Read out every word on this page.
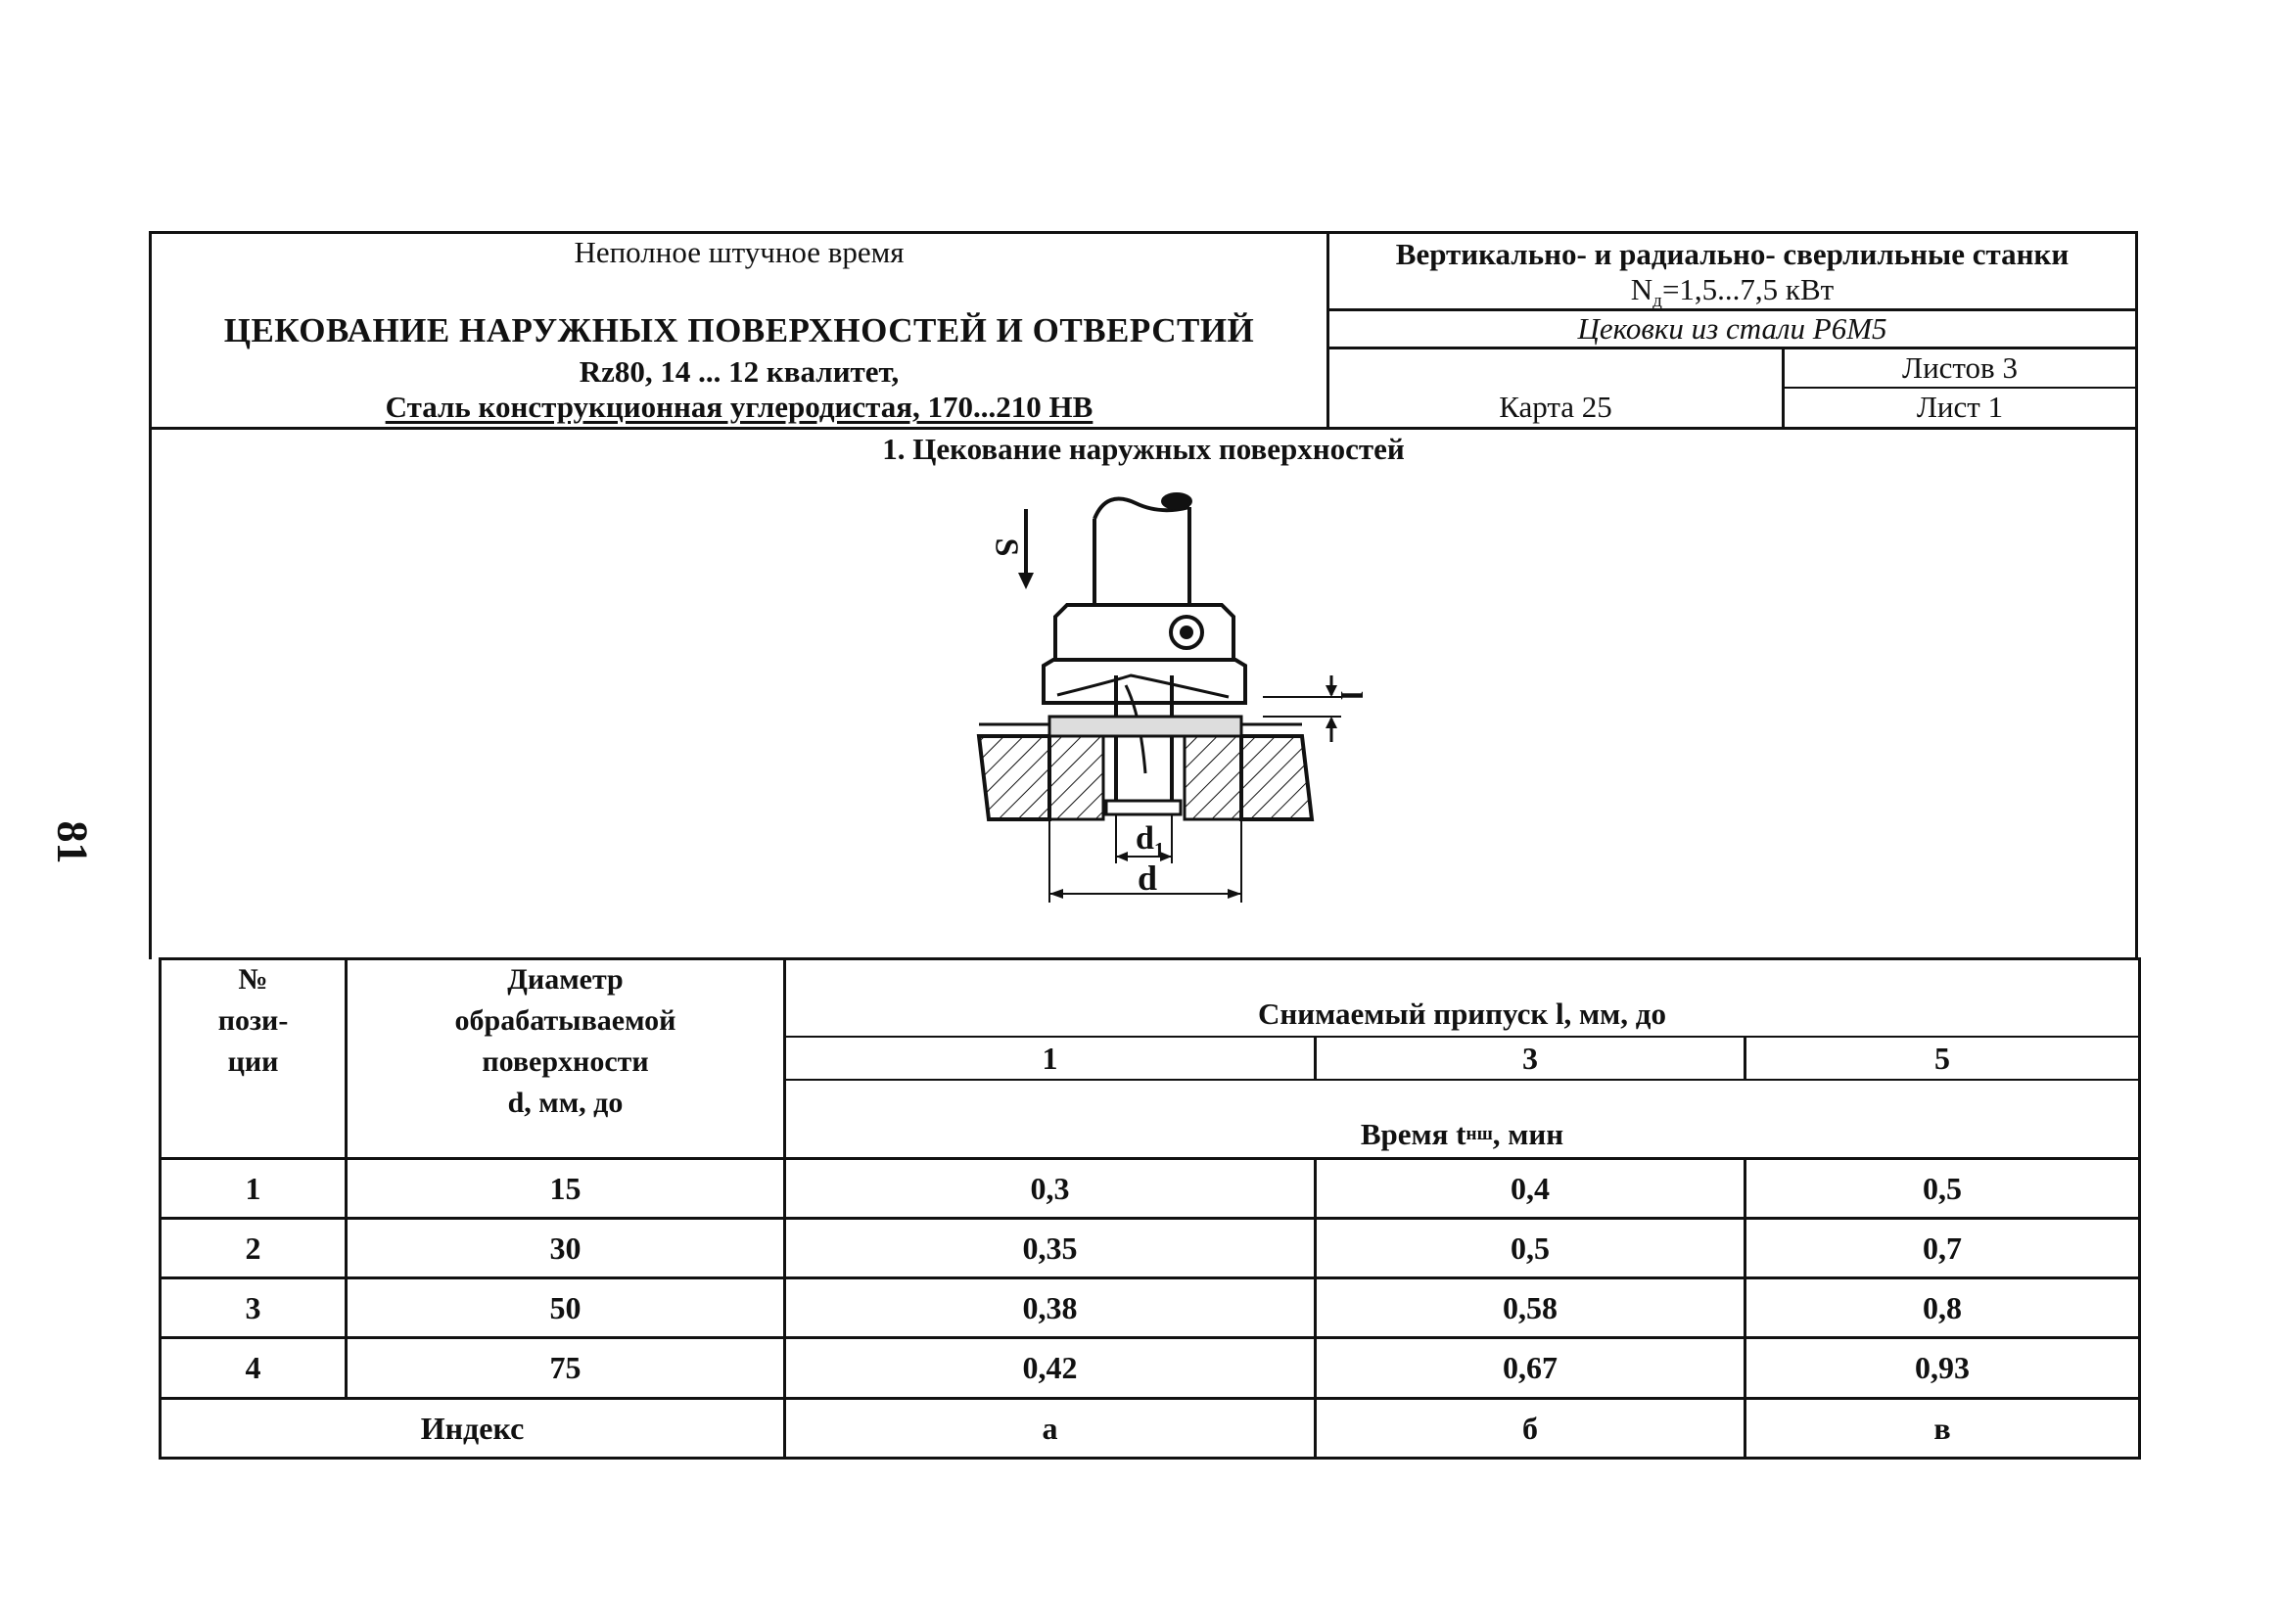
81
Неполное штучное время
ЦЕКОВАНИЕ НАРУЖНЫХ ПОВЕРХНОСТЕЙ И ОТВЕРСТИЙ
Rz80, 14 ... 12 квалитет,
Сталь конструкционная углеродистая, 170...210 НВ
Вертикально- и радиально- сверлильные станки
$N_д=1,5...7,5$ кВт
Цековки из стали Р6М5
Листов 3
Карта 25	Лист 1
1. Цекование наружных поверхностей
S
l
$d_1$
d
№
пози-
ции
Диаметр
обрабатываемой
поверхности
d, мм, до
Снимаемый припуск l, мм, до
1	3	5
Время t нш , мин
1	15	0,3	0,4	0,5
2	30	0,35	0,5	0,7
3	50	0,38	0,58	0,8
4	75	0,42	0,67	0,93
Индекс	а	б	в
